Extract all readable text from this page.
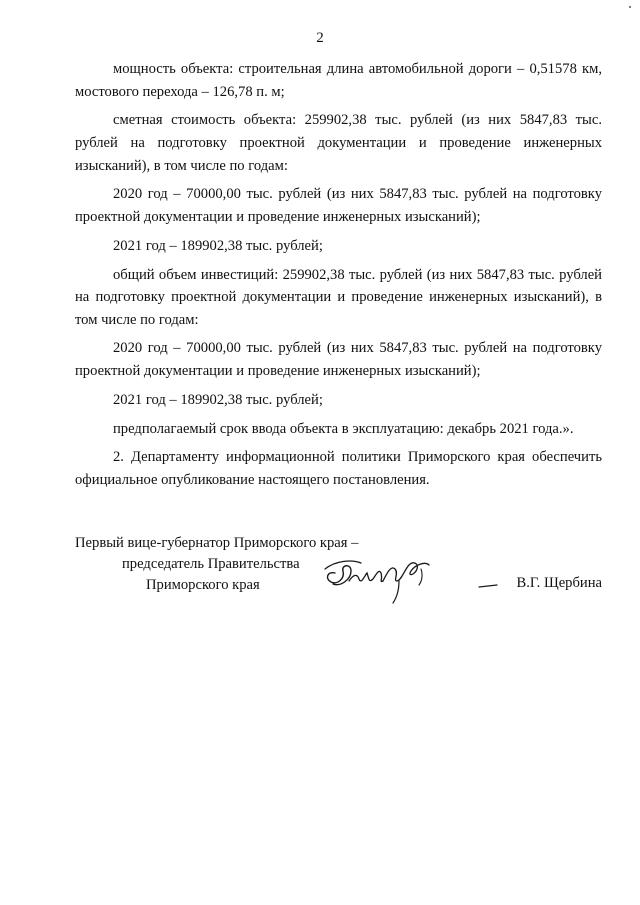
2

мощность объекта: строительная длина автомобильной дороги – 0,51578 км, мостового перехода – 126,78 п. м;

сметная стоимость объекта: 259902,38 тыс. рублей (из них 5847,83 тыс. рублей на подготовку проектной документации и проведение инженерных изысканий), в том числе по годам:

2020 год – 70000,00 тыс. рублей (из них 5847,83 тыс. рублей на подготовку проектной документации и проведение инженерных изысканий);

2021 год – 189902,38 тыс. рублей;

общий объем инвестиций: 259902,38 тыс. рублей (из них 5847,83 тыс. рублей на подготовку проектной документации и проведение инженерных изысканий), в том числе по годам:

2020 год – 70000,00 тыс. рублей (из них 5847,83 тыс. рублей на подготовку проектной документации и проведение инженерных изысканий);

2021 год – 189902,38 тыс. рублей;

предполагаемый срок ввода объекта в эксплуатацию: декабрь 2021 года.».

2. Департаменту информационной политики Приморского края обеспечить официальное опубликование настоящего постановления.

Первый вице-губернатор Приморского края –
председатель Правительства
Приморского края	В.Г. Щербина
